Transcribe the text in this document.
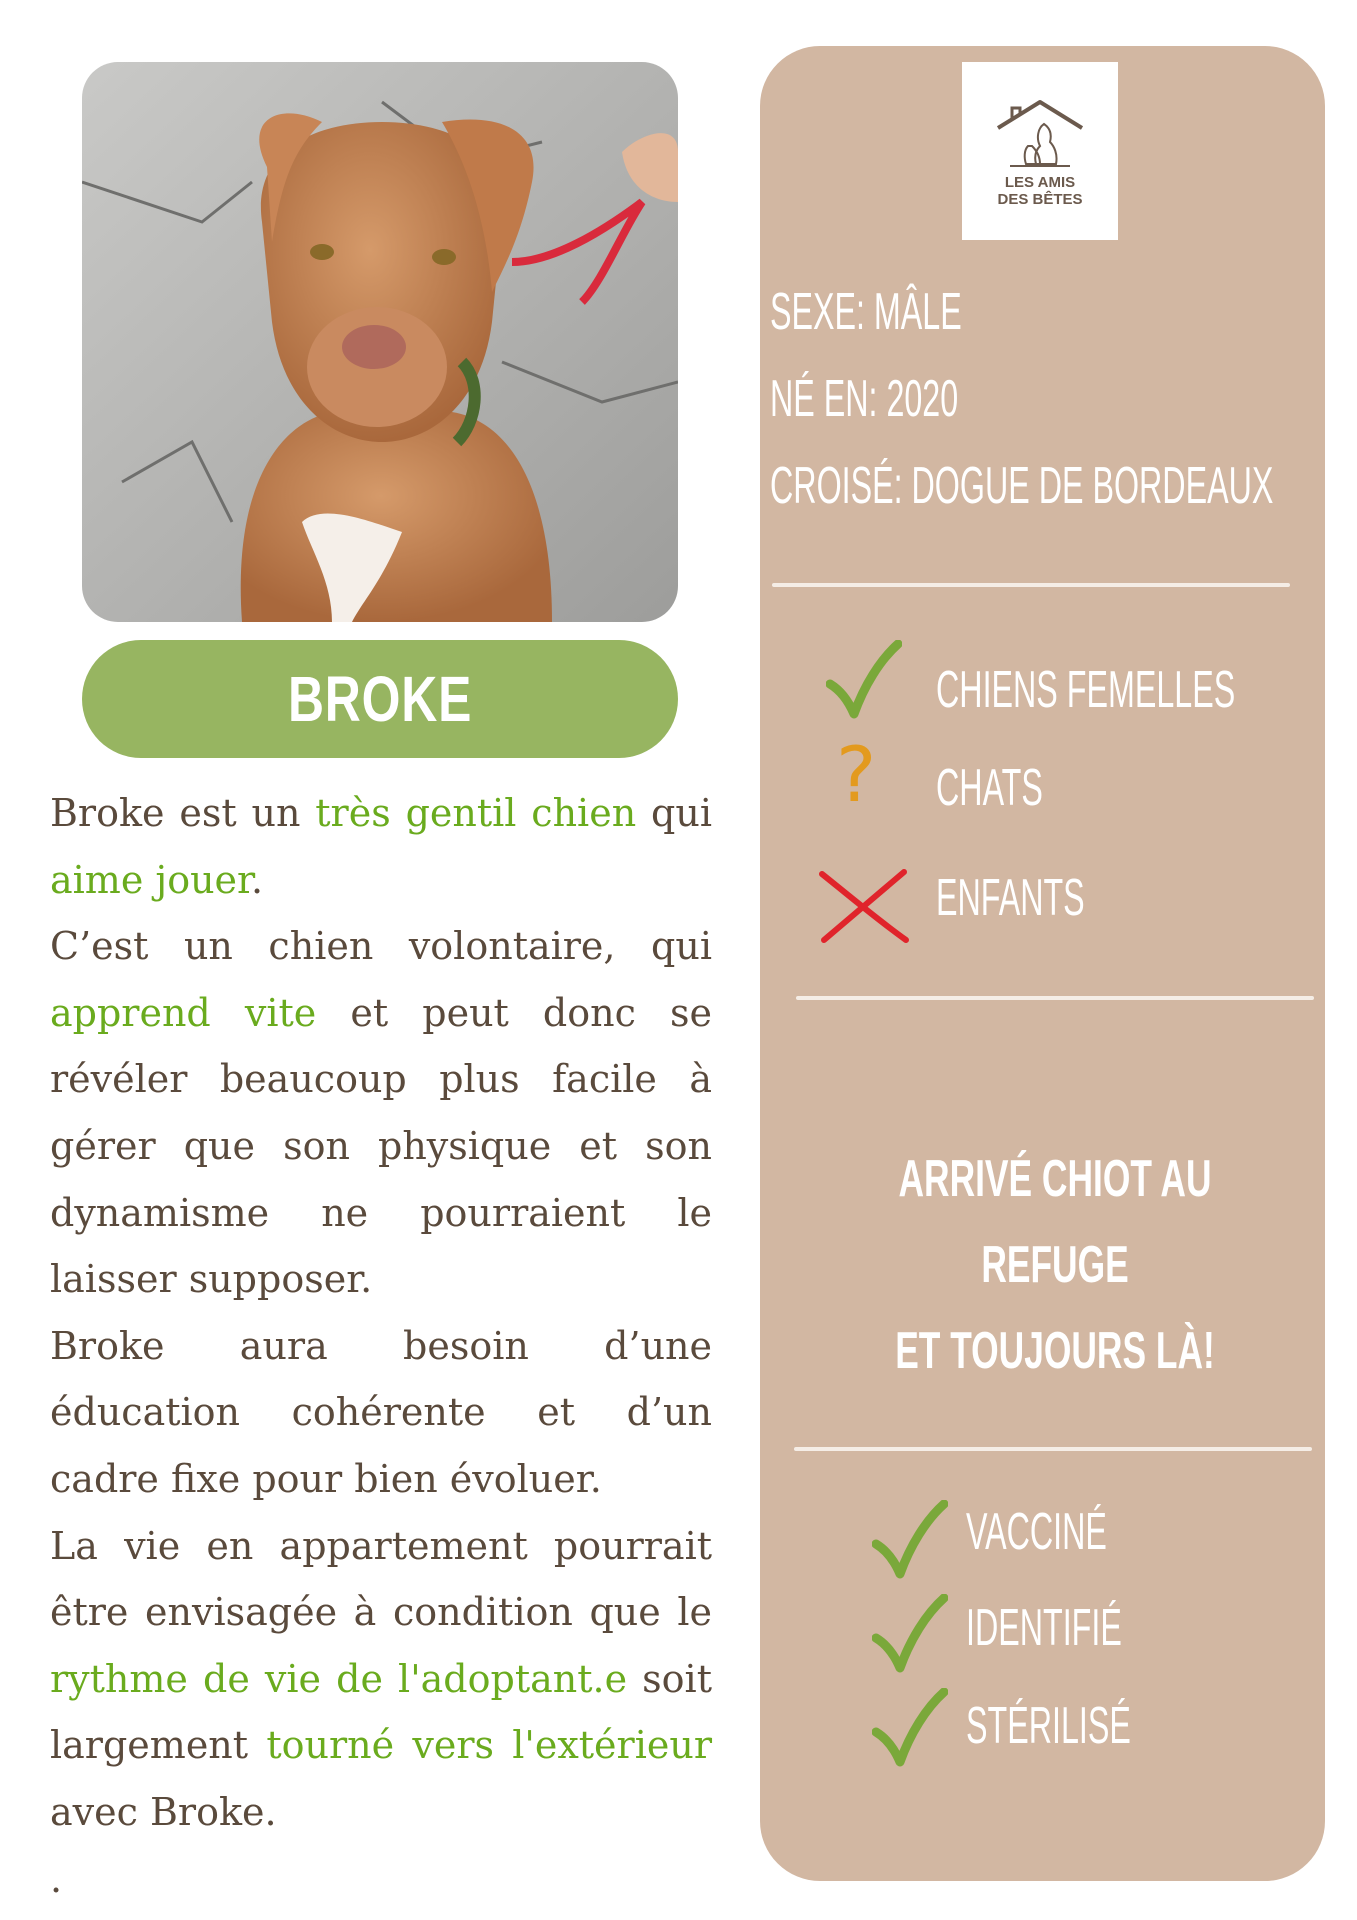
BROKE

Broke est un très gentil chien qui aime jouer.

C’est un chien volontaire, qui apprend vite et peut donc se révéler beaucoup plus facile à gérer que son physique et son dynamisme ne pourraient le laisser supposer.

Broke aura besoin d’une éducation cohérente et d’un cadre fixe pour bien évoluer.

La vie en appartement pourrait être envisagée à condition que le rythme de vie de l'adoptant.e soit largement tourné vers l'extérieur avec Broke.

.

LES AMIS
DES BÊTES
SEXE: MÂLE
NÉ EN: 2020
CROISÉ: DOGUE DE BORDEAUX
CHIENS FEMELLES
? CHATS
ENFANTS
ARRIVÉ CHIOT AU REFUGE
ET TOUJOURS LÀ!
VACCINÉ
IDENTIFIÉ
STÉRILISÉ
